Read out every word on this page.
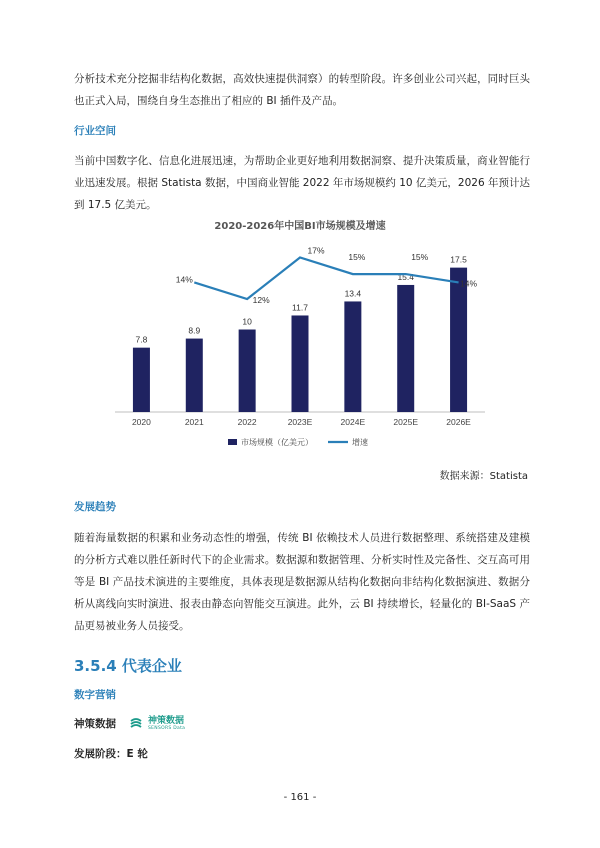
分析技术充分挖掘非结构化数据，高效快速提供洞察）的转型阶段。许多创业公司兴起，同时巨头也正式入局，围绕自身生态推出了相应的 BI 插件及产品。

行业空间

当前中国数字化、信息化进展迅速，为帮助企业更好地利用数据洞察、提升决策质量，商业智能行业迅速发展。根据 Statista 数据，中国商业智能 2022 年市场规模约 10 亿美元，2026 年预计达到 17.5 亿美元。

2020-2026年中国BI市场规模及增速
7.8
2020
8.9
2021
10
2022
11.7
2023E
13.4
2024E
15.4
2025E
17.5
2026E
14%
12%
17%
15%	15%
14%
市场规模（亿美元）	增速
数据来源：Statista

发展趋势

随着海量数据的积累和业务动态性的增强，传统 BI 依赖技术人员进行数据整理、系统搭建及建模的分析方式难以胜任新时代下的企业需求。数据源和数据管理、分析实时性及完备性、交互高可用等是 BI 产品技术演进的主要维度，具体表现是数据源从结构化数据向非结构化数据演进、数据分析从离线向实时演进、报表由静态向智能交互演进。此外，云 BI 持续增长，轻量化的 BI-SaaS 产品更易被业务人员接受。

3.5.4 代表企业

数字营销

神策数据	神策数据
SENSORS Data

发展阶段：E 轮

- 161 -
